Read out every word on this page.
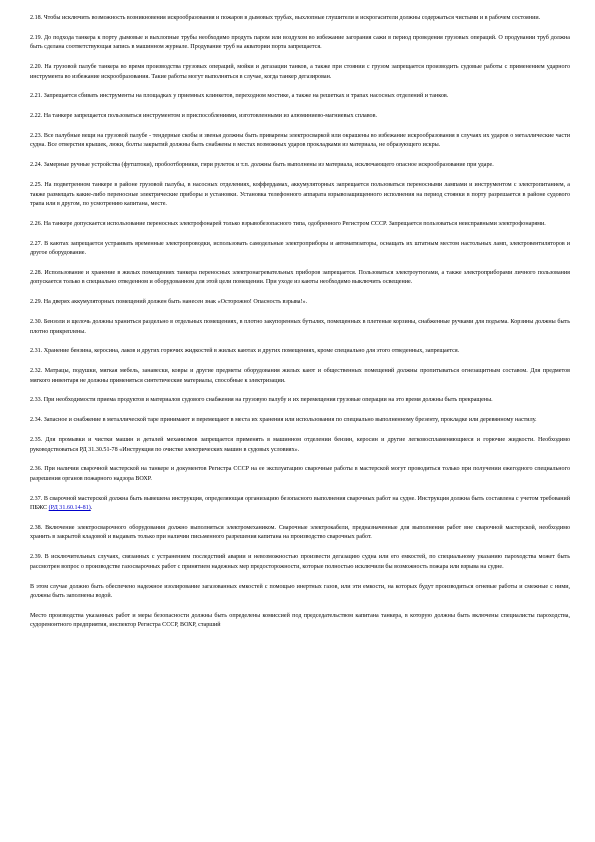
2.18. Чтобы исключить возможность возникновения искрообразования и пожаров в дымовых трубах, выхлопные глушители и искрогасители должны содержаться чистыми и в рабочем состоянии.

2.19. До подхода танкера к порту дымовые и выхлопные трубы необходимо продуть паром или воздухом во избежание загорания сажи в период проведения грузовых операций. О продувании труб должна быть сделана соответствующая запись в машинном журнале. Продувание труб на акватории порта запрещается.

2.20. На грузовой палубе танкера во время производства грузовых операций, мойки и дегазации танков, а также при стоянии с грузом запрещается производить судовые работы с применением ударного инструмента во избежание искрообразования. Такие работы могут выполняться в случае, когда танкер дегазирован.

2.21. Запрещается сбивать инструменты на площадках у приемных клинкетов, переходном мостике, а также на решетках и трапах насосных отделений и танков.

2.22. На танкере запрещается пользоваться инструментом и приспособлениями, изготовленными из алюминиево-магниевых сплавов.

2.23. Все палубные вещи на грузовой палубе - тендерные скобы и звенья должны быть приварены электросваркой или окрашены во избежание искрообразования в случаях их ударов о металлические части судна. Все отверстия крышек, люки, болты закрытий должны быть снабжены в местах возможных ударов прокладками из материала, не образующего искры.

2.24. Замерные ручные устройства (футштоки), пробоотборники, гири рулеток и т.п. должны быть выполнены из материала, исключающего опасное искрообразование при ударе.

2.25. На подветренном танкере в районе грузовой палубы, в насосных отделениях, коффердамах, аккумуляторных запрещается пользоваться переносными лампами и инструментом с электропитанием, а также размещать какие-либо переносные электрические приборы и установки. Установка телефонного аппарата взрывозащищенного исполнения на период стоянки в порту разрешается в районе судового трапа или в другом, по усмотрению капитана, месте.

2.26. На танкере допускается использование переносных электрофонарей только взрывобезопасного типа, одобренного Регистром СССР. Запрещается пользоваться неисправными электрофонарями.

2.27. В каютах запрещается устраивать временные электропроводки, использовать самодельные электроприборы и автоматизаторы, оснащать их штатным местом настольных ламп, электровентиляторов и другое оборудование.

2.28. Использование и хранение в жилых помещениях танкера переносных электронагревательных приборов запрещается. Пользоваться электроутюгами, а также электроприборами личного пользования допускается только в специально отведенном и оборудованном для этой цели помещении. При уходе из каюты необходимо выключить освещение.

2.29. На дверях аккумуляторных помещений должен быть нанесен знак «Осторожно! Опасность взрыва!».

2.30. Бензоли и щелочь должны храниться раздельно в отдельных помещениях, в плотно закупоренных бутылях, помещенных в плетеные корзины, снабженные ручками для подъема. Корзины должны быть плотно прикреплены.

2.31. Хранение бензина, керосина, лаков и других горючих жидкостей в жилых каютах и других помещениях, кроме специально для этого отведенных, запрещается.

2.32. Матрацы, подушки, мягкая мебель, занавески, ковры и другие предметы оборудования жилых кают и общественных помещений должны пропитываться огнезащитным составом. Для предметов мягкого инвентаря не должны применяться синтетические материалы, способные к электризации.

2.33. При необходимости приема продуктов и материалов судового снабжения на грузовую палубу и их перемещения грузовые операции на это время должны быть прекращены.

2.34. Запасное и снабжение в металлической таре принимают и перемещают в места их хранения или использования по специально выполненному брезенту, прокладке или деревянному настилу.

2.35. Для промывки и чистки машин и деталей механизмов запрещается применять в машинном отделении бензин, керосин и другие легковоспламеняющиеся и горючие жидкости. Необходимо руководствоваться РД 31.30.51-78 «Инструкция по очистке электрических машин в судовых условиях».

2.36. При наличии сварочной мастерской на танкере и документов Регистра СССР на ее эксплуатацию сварочные работы в мастерской могут проводиться только при получении ежегодного специального разрешения органов пожарного надзора ВОХР.

2.37. В сварочной мастерской должна быть вывешена инструкция, определяющая организацию безопасного выполнения сварочных работ на судне. Инструкция должна быть составлена с учетом требований ПБЖС (РД 31.60.14-81).

2.38. Включение электросварочного оборудования должно выполняться электромехаником. Сварочные электрокабели, предназначенные для выполнения работ вне сварочной мастерской, необходимо хранить в закрытой кладовой и выдавать только при наличии письменного разрешения капитана на производство сварочных работ.

2.39. В исключительных случаях, связанных с устранением последствий аварии и невозможностью произвести дегазацию судна или его емкостей, по специальному указанию пароходства может быть рассмотрен вопрос о производстве газосварочных работ с принятием надежных мер предосторожности, которые полностью исключили бы возможность пожара или взрыва на судне.

В этом случае должно быть обеспечено надежное изолирование загазованных емкостей с помощью инертных газов, или эти емкости, на которых будут производиться огневые работы и смежные с ними, должны быть заполнены водой.

Место производства указанных работ и меры безопасности должны быть определены комиссией под председательством капитана танкера, в которую должны быть включены специалисты пароходства, судоремонтного предприятия, инспектор Регистра СССР, ВОХР, старший
